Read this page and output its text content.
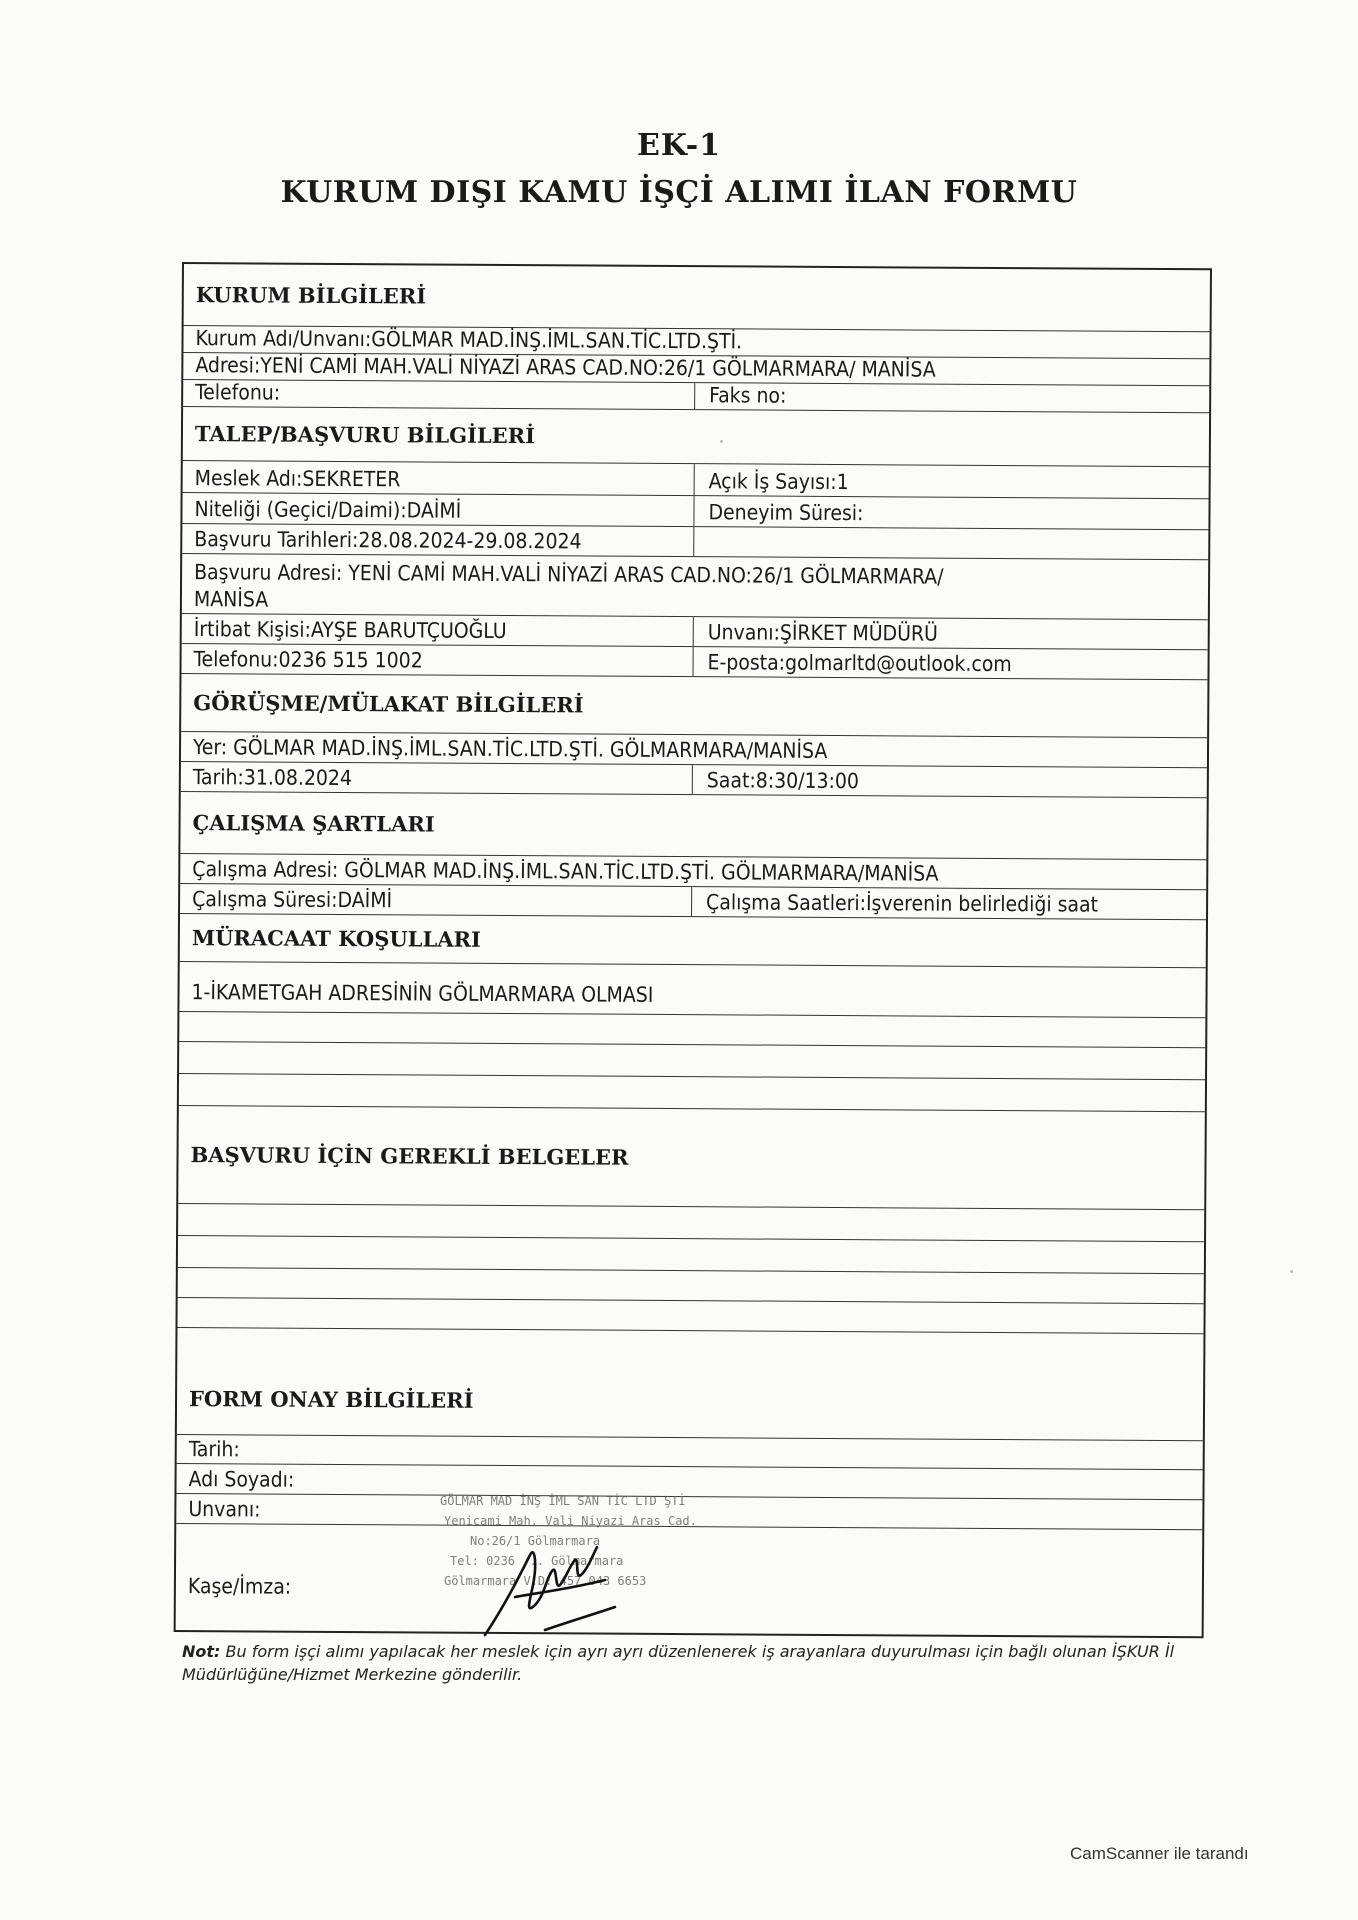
EK-1
KURUM DIŞI KAMU İŞÇİ ALIMI İLAN FORMU
KURUM BİLGİLERİ
Kurum Adı/Unvanı:GÖLMAR MAD.İNŞ.İML.SAN.TİC.LTD.ŞTİ.
Adresi:YENİ CAMİ MAH.VALİ NİYAZİ ARAS CAD.NO:26/1 GÖLMARMARA/ MANİSA
Telefonu:	Faks no:
TALEP/BAŞVURU BİLGİLERİ
Meslek Adı:SEKRETER	Açık İş Sayısı:1
Niteliği (Geçici/Daimi):DAİMİ	Deneyim Süresi:
Başvuru Tarihleri:28.08.2024-29.08.2024
Başvuru Adresi: YENİ CAMİ MAH.VALİ NİYAZİ ARAS CAD.NO:26/1 GÖLMARMARA/
MANİSA
İrtibat Kişisi:AYŞE BARUTÇUOĞLU	Unvanı:ŞİRKET MÜDÜRÜ
Telefonu:0236 515 1002	E-posta:golmarltd@outlook.com
GÖRÜŞME/MÜLAKAT BİLGİLERİ
Yer: GÖLMAR MAD.İNŞ.İML.SAN.TİC.LTD.ŞTİ. GÖLMARMARA/MANİSA
Tarih:31.08.2024	Saat:8:30/13:00
ÇALIŞMA ŞARTLARI
Çalışma Adresi: GÖLMAR MAD.İNŞ.İML.SAN.TİC.LTD.ŞTİ. GÖLMARMARA/MANİSA
Çalışma Süresi:DAİMİ	Çalışma Saatleri:İşverenin belirlediği saat
MÜRACAAT KOŞULLARI
1-İKAMETGAH ADRESİNİN GÖLMARMARA OLMASI
BAŞVURU İÇİN GEREKLİ BELGELER
FORM ONAY BİLGİLERİ
Tarih:
Adı Soyadı:
Unvanı:
Kaşe/İmza:
GÖLMAR MAD İNŞ İML SAN TİC LTD ŞTİ
Yenicami Mah. Vali Niyazi Aras Cad.
No:26/1 Gölmarmara
Tel: 0236 ... Gölmarmara
Gölmarmara V.D: 457 043 6653
Not: Bu form işçi alımı yapılacak her meslek için ayrı ayrı düzenlenerek iş arayanlara duyurulması için bağlı olunan İŞKUR İl Müdürlüğüne/Hizmet Merkezine gönderilir.
CamScanner ile tarandı
